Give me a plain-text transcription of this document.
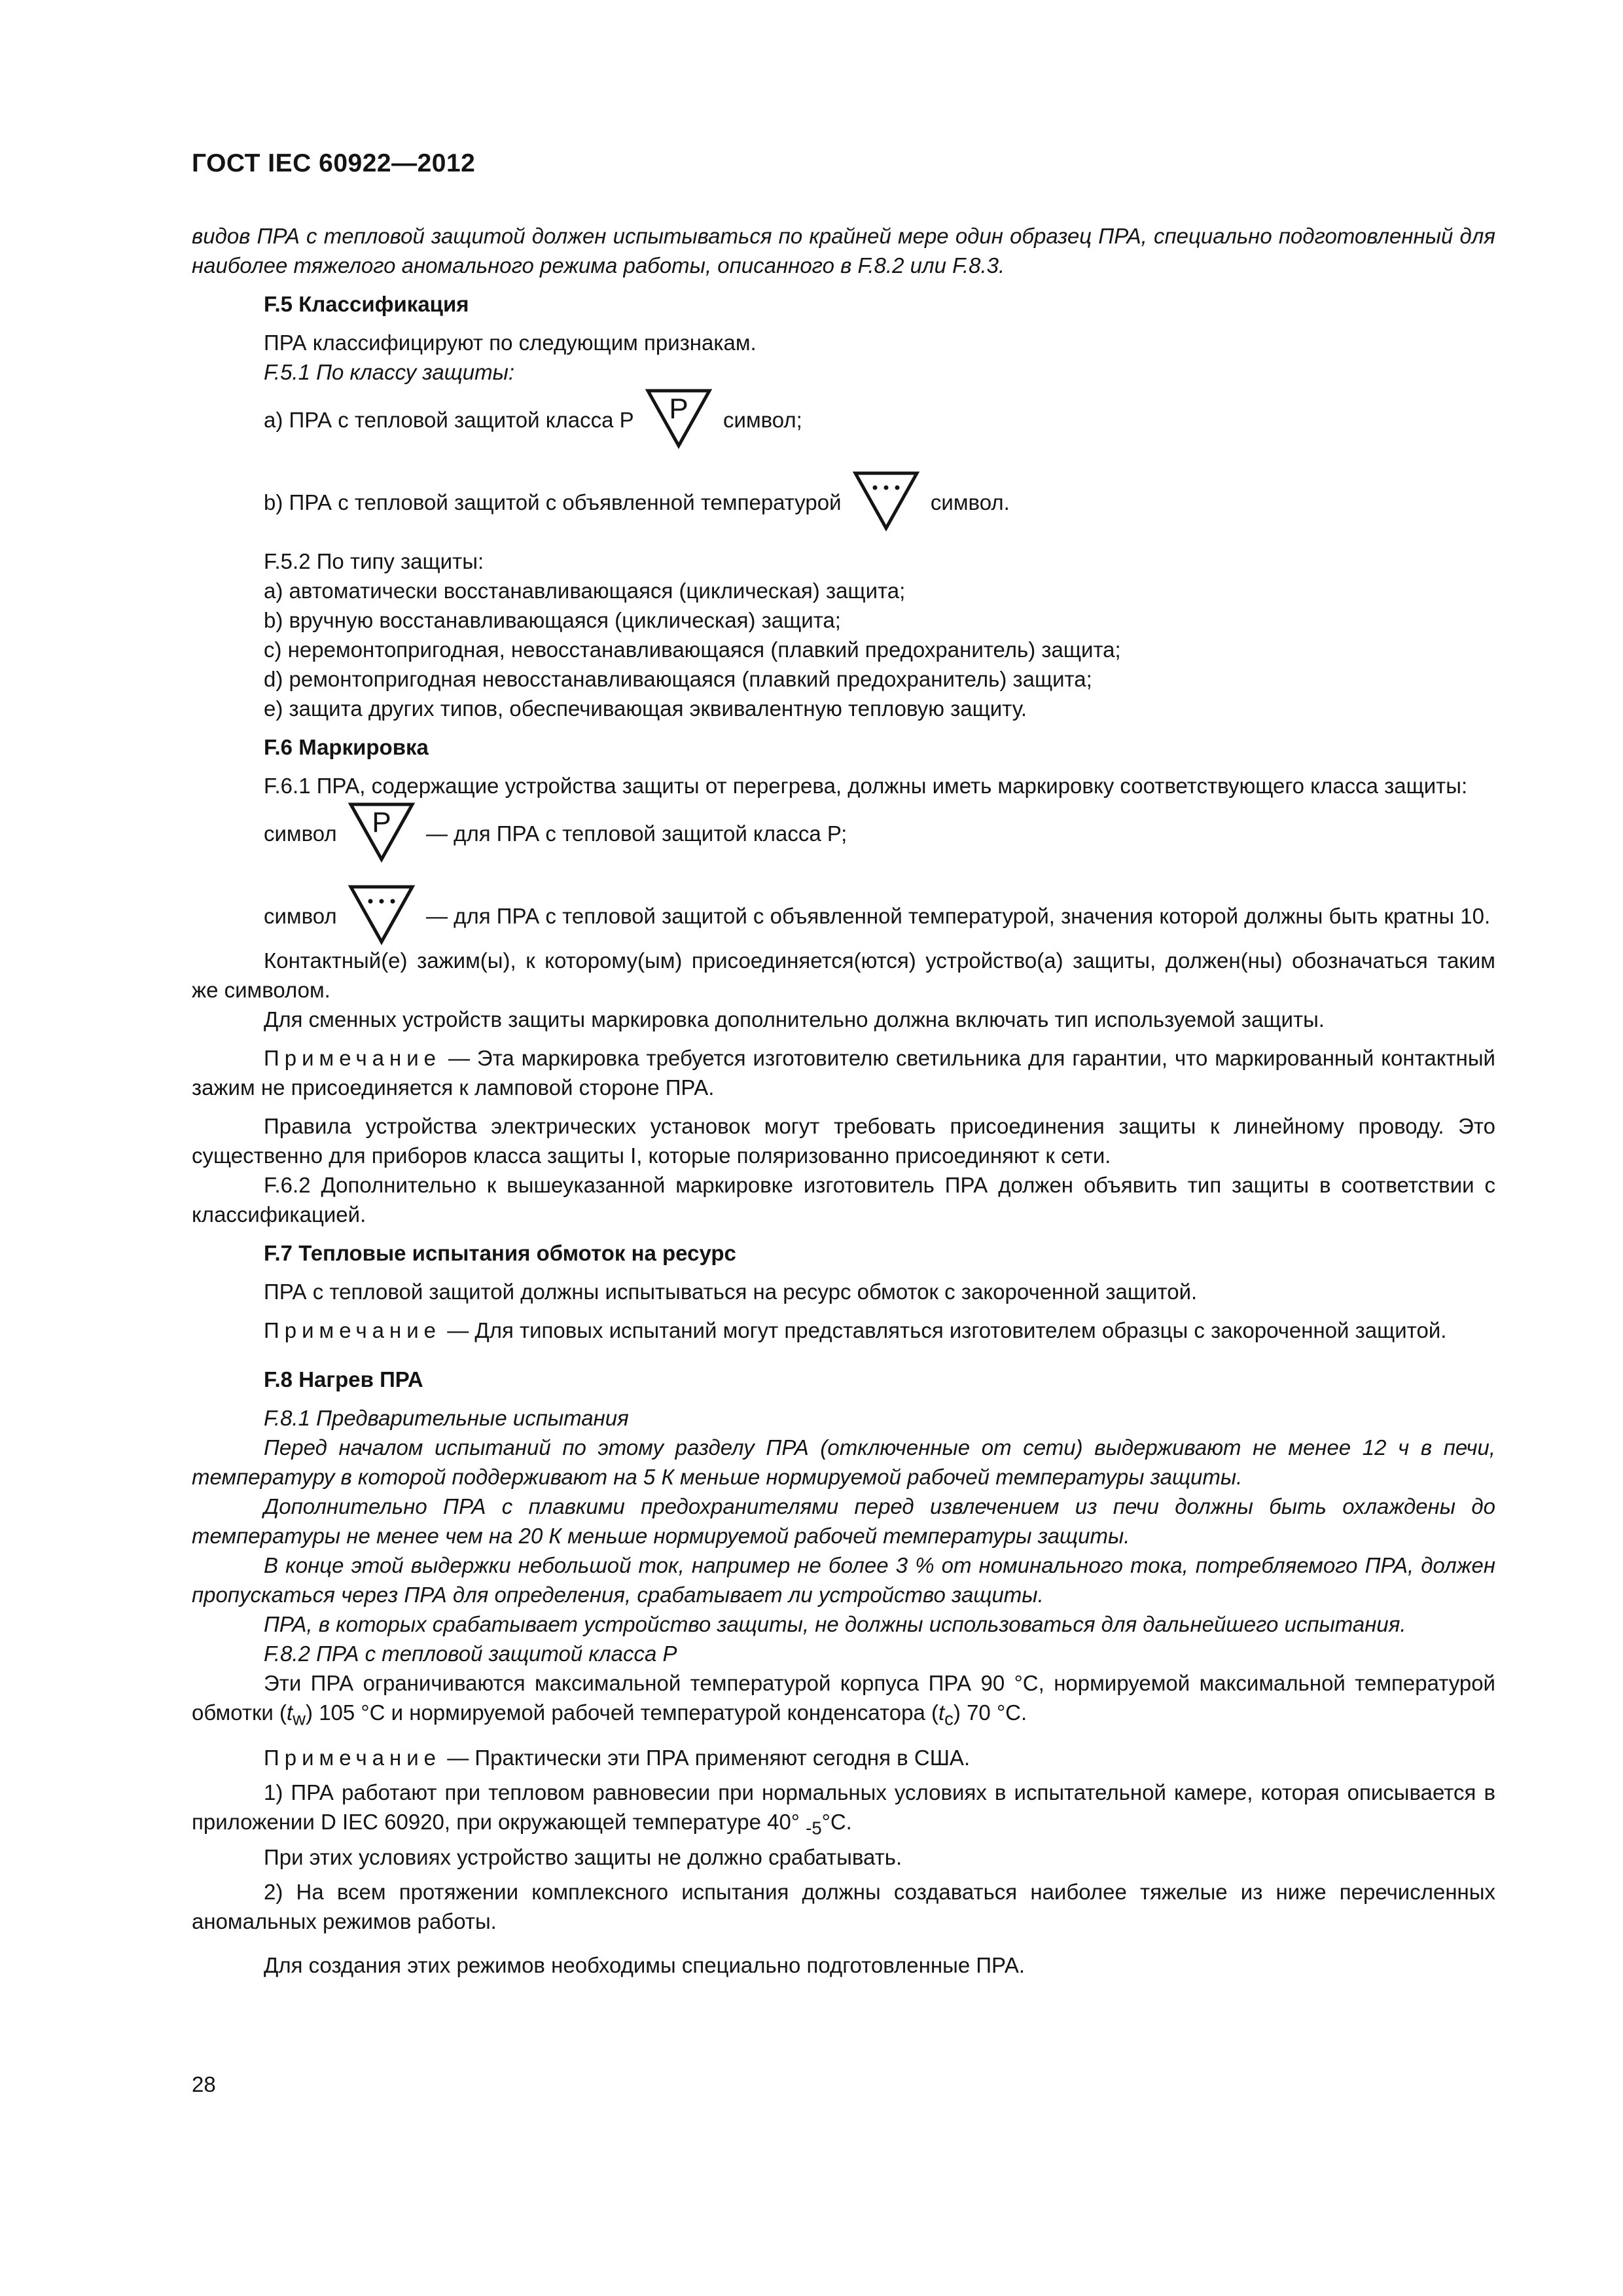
ГОСТ IEC 60922—2012

видов ПРА с тепловой защитой должен испытываться по крайней мере один образец ПРА, специально подготовленный для наиболее тяжелого аномального режима работы, описанного в F.8.2 или F.8.3.

F.5 Классификация

ПРА классифицируют по следующим признакам.

F.5.1 По классу защиты:

а) ПРА с тепловой защитой класса Р P символ;

b) ПРА с тепловой защитой с объявленной температурой	символ.

F.5.2 По типу защиты:

а) автоматически восстанавливающаяся (циклическая) защита;

b) вручную восстанавливающаяся (циклическая) защита;

с) неремонтопригодная, невосстанавливающаяся (плавкий предохранитель) защита;

d) ремонтопригодная невосстанавливающаяся (плавкий предохранитель) защита;

е) защита других типов, обеспечивающая эквивалентную тепловую защиту.

F.6 Маркировка

F.6.1 ПРА, содержащие устройства защиты от перегрева, должны иметь маркировку соответствующего класса защиты:

символ P — для ПРА с тепловой защитой класса Р;

символ	— для ПРА с тепловой защитой с объявленной температурой, значения которой должны быть кратны 10.

Контактный(е) зажим(ы), к которому(ым) присоединяется(ются) устройство(а) защиты, должен(ны) обозначаться таким же символом.

Для сменных устройств защиты маркировка дополнительно должна включать тип используемой защиты.

Примечание — Эта маркировка требуется изготовителю светильника для гарантии, что маркированный контактный зажим не присоединяется к ламповой стороне ПРА.

Правила устройства электрических установок могут требовать присоединения защиты к линейному проводу. Это существенно для приборов класса защиты I, которые поляризованно присоединяют к сети.

F.6.2 Дополнительно к вышеуказанной маркировке изготовитель ПРА должен объявить тип защиты в соответствии с классификацией.

F.7 Тепловые испытания обмоток на ресурс

ПРА с тепловой защитой должны испытываться на ресурс обмоток с закороченной защитой.

Примечание — Для типовых испытаний могут представляться изготовителем образцы с закороченной защитой.

F.8 Нагрев ПРА

F.8.1 Предварительные испытания

Перед началом испытаний по этому разделу ПРА (отключенные от сети) выдерживают не менее 12 ч в печи, температуру в которой поддерживают на 5 К меньше нормируемой рабочей температуры защиты.

Дополнительно ПРА с плавкими предохранителями перед извлечением из печи должны быть охлаждены до температуры не менее чем на 20 К меньше нормируемой рабочей температуры защиты.

В конце этой выдержки небольшой ток, например не более 3 % от номинального тока, потребляемого ПРА, должен пропускаться через ПРА для определения, срабатывает ли устройство защиты.

ПРА, в которых срабатывает устройство защиты, не должны использоваться для дальнейшего испытания.

F.8.2 ПРА с тепловой защитой класса Р

Эти ПРА ограничиваются максимальной температурой корпуса ПРА 90 °С, нормируемой максимальной температурой обмотки $(t_w)$ 105 °С и нормируемой рабочей температурой конденсатора $(t_c)$ 70 °С.

Примечание — Практически эти ПРА применяют сегодня в США.

1) ПРА работают при тепловом равновесии при нормальных условиях в испытательной камере, которая описывается в приложении D IEC 60920, при окружающей температуре 40° $_{-5}$°С.

При этих условиях устройство защиты не должно срабатывать.

2) На всем протяжении комплексного испытания должны создаваться наиболее тяжелые из ниже перечисленных аномальных режимов работы.

Для создания этих режимов необходимы специально подготовленные ПРА.

28
